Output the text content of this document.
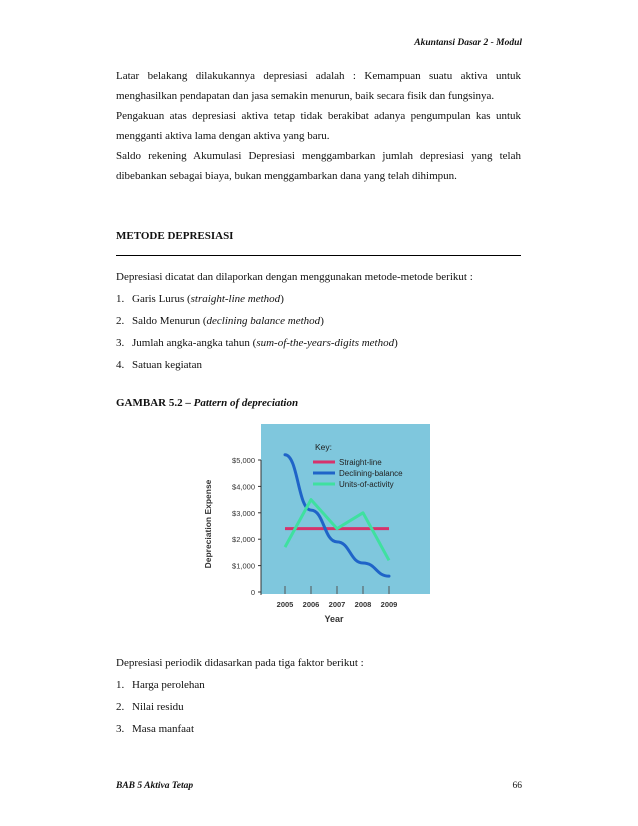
Akuntansi Dasar 2 - Modul
Latar belakang dilakukannya depresiasi adalah : Kemampuan suatu aktiva untuk
menghasilkan pendapatan dan jasa semakin menurun, baik secara fisik dan fungsinya.
Pengakuan atas depresiasi aktiva tetap tidak berakibat adanya pengumpulan kas untuk
mengganti aktiva lama dengan aktiva yang baru.
Saldo rekening Akumulasi Depresiasi menggambarkan jumlah depresiasi yang telah
dibebankan sebagai biaya, bukan menggambarkan dana yang telah dihimpun.
METODE DEPRESIASI
Depresiasi dicatat dan dilaporkan dengan menggunakan metode-metode berikut :
1. Garis Lurus (straight-line method)
2. Saldo Menurun (declining balance method)
3. Jumlah angka-angka tahun (sum-of-the-years-digits method)
4. Satuan kegiatan
GAMBAR 5.2 – Pattern of depreciation
0
$1,000
$2,000
$3,000
$4,000
$5,000
2005 2006 2007 2008 2009
Key:
Straight-line
Declining-balance
Units-of-activity
Depreciation Expense
Year
Depresiasi periodik didasarkan pada tiga faktor berikut :
1. Harga perolehan
2. Nilai residu
3. Masa manfaat
BAB 5 Aktiva Tetap	66
